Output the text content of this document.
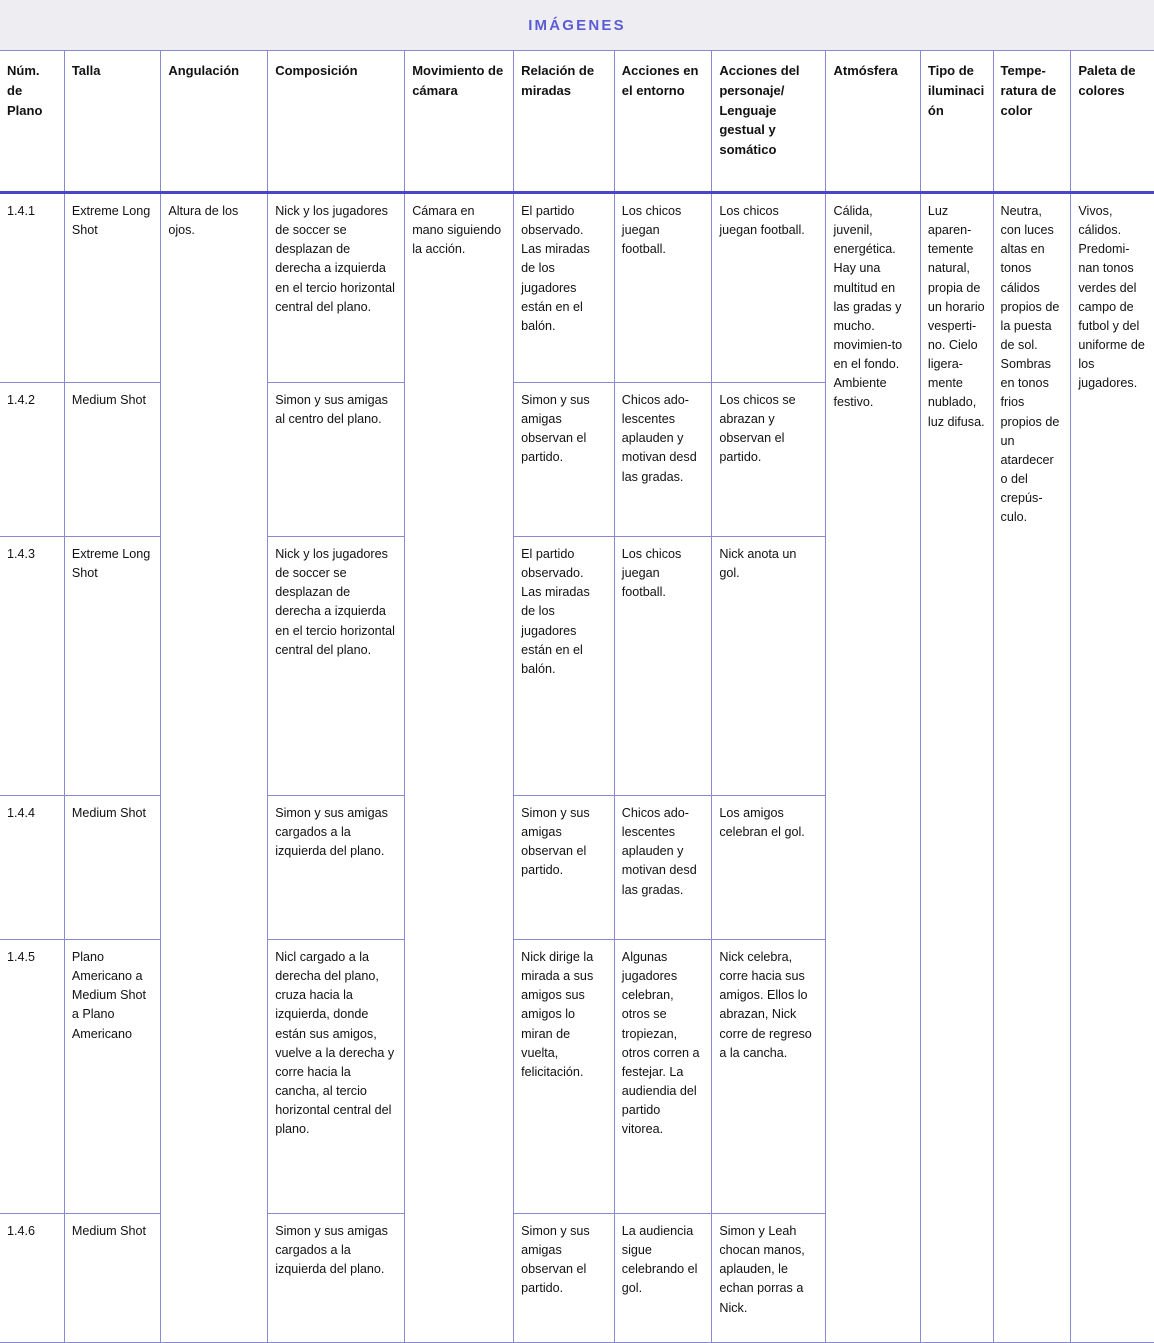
IMÁGENES
Núm. de Plano	Talla	Angulación	Composición	Movimiento de cámara	Relación de miradas	Acciones en el entorno	Acciones del personaje/ Lenguaje gestual y somático	Atmósfera	Tipo de iluminación	Tempe-ratura de color	Paleta de colores
1.4.1	Extreme Long Shot	Altura de los ojos.	Nick y los jugadores de soccer se desplazan de derecha a izquierda en el tercio horizontal central del plano.	Cámara en mano siguiendo la acción.	El partido observado. Las miradas de los jugadores están en el balón.	Los chicos juegan football.	Los chicos juegan football.	Cálida, juvenil, energética. Hay una multitud en las gradas y mucho. movimien-to en el fondo. Ambiente festivo.	Luz aparen-temente natural, propia de un horario vesperti-no. Cielo ligera-mente nublado, luz difusa.	Neutra, con luces altas en tonos cálidos propios de la puesta de sol. Sombras en tonos frios propios de un atardecer o del crepús-culo.	Vivos, cálidos. Predomi-nan tonos verdes del campo de futbol y del uniforme de los jugadores.
1.4.2	Medium Shot		Simon y sus amigas al centro del plano.		Simon y sus amigas observan el partido.	Chicos ado-lescentes aplauden y motivan desd las gradas.	Los chicos se abrazan y observan el partido.				
1.4.3	Extreme Long Shot		Nick y los jugadores de soccer se desplazan de derecha a izquierda en el tercio horizontal central del plano.		El partido observado. Las miradas de los jugadores están en el balón.	Los chicos juegan football.	Nick anota un gol.				
1.4.4	Medium Shot		Simon y sus amigas cargados a la izquierda del plano.		Simon y sus amigas observan el partido.	Chicos ado-lescentes aplauden y motivan desd las gradas.	Los amigos celebran el gol.				
1.4.5	Plano Americano a Medium Shot a Plano Americano		Nicl cargado a la derecha del plano, cruza hacia la izquierda, donde están sus amigos, vuelve a la derecha y corre hacia la cancha, al tercio horizontal central del plano.		Nick dirige la mirada a sus amigos sus amigos lo miran de vuelta, felicitación.	Algunas jugadores celebran, otros se tropiezan, otros corren a festejar. La audiendia del partido vitorea.	Nick celebra, corre hacia sus amigos. Ellos lo abrazan, Nick corre de regreso a la cancha.				
1.4.6	Medium Shot		Simon y sus amigas cargados a la izquierda del plano.		Simon y sus amigas observan el partido.	La audiencia sigue celebrando el gol.	Simon y Leah chocan manos, aplauden, le echan porras a Nick.				
